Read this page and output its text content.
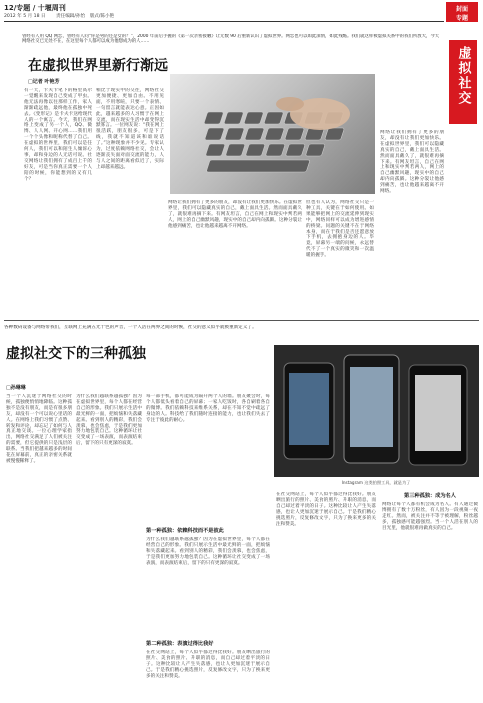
12/专题 / 十堰周刊
2012 年 5 月 18 日 责任编辑/孙怡　版式/陈小艳
封面
专题
虚拟社交
曾经有人用 QQ 网恋，曾经有人问“你是男的还是女的？”，2000 年前后手握的《第一次亲密接触》让无数 90 后重新认识了虚拟世界。网恋也可以如此深情，如此残酷。我们就这样被虚拟关系中的我们所放大，今天网络社交已无处不在，在这里每个人都可以成为他想成为的人……
在虚拟世界里新行渐远
□记者 叶艳芳
有一天，卡夫卡笔下的格里高尔一觉醒来发现自己变成了甲虫。他无法再像以往那样工作，家人渐渐疏远他，最终他在孤独中死去。《变形记》是卡夫卡送给现代人的一个寓言。今天，我们在网络上变成了另一个人，QQ、微博、人人网、开心网……我们用一个个头像和昵称代替了自己。在虚拟的世界里，我们可以是任何人，我们可以和陌生人倾诉心事，却和身边的人无话可说。社交网络让我们拥有了成百上千的好友，可是当你真正需要一个人陪的时候，你能想到的又有几个？
相比于现实中的交往，网络社交更加便捷、更加自由。不用见面，不用寒暄，只要一个表情、一句留言就能表达心意。正因如此，越来越多的人习惯于在网上交流，而在现实生活中却变得沉默寡言。一位网友说：“我在网上很活跃，朋友很多，可是下了线，我就不知道该和谁说话了。”这种现象并不少见。专家认为，过度依赖网络社交，会让人逐渐丧失面对面交流的能力，人与人之间的距离看似近了，实际上却越来越远。
网络让我们拥有了更多的朋友，却没有让我们更加快乐。在虚拟世界里，我们可以隐藏真实的自己，戴上面具生活。然而面具戴久了，就很难再摘下来。有网友坦言，自己在网上和现实中判若两人，网上的自己幽默风趣，现实中的自己却内向孤僻。这种分裂让他感到痛苦，也让他越来越离不开网络。
但也有人认为，网络社交只是一种工具，关键在于如何使用。如果能够把网上的交流延伸到现实中，网络同样可以成为增进感情的桥梁。问题的关键不在于网络本身，而在于我们是否还愿意放下手机，去拥抱身边的人。毕竟，屏幕另一端的问候，永远替代不了一个真实的微笑和一次温暖的握手。
网络让我们拥有了更多的朋友，却没有让我们更加快乐。在虚拟世界里，我们可以隐藏真实的自己，戴上面具生活。然而面具戴久了，就很难再摘下来。有网友坦言，自己在网上和现实中判若两人，网上的自己幽默风趣，现实中的自己却内向孤僻。这种分裂让他感到痛苦，也让他越来越离不开网络。
各种数码设备与网络带我们，互联网上充满五光十色的声音，一个人活在两界之间的时候，社交的意义似乎就被重新定义了。
虚拟社交下的三种孤独
□孙琳琳
当一个人沉迷于网络社交的时候，孤独便悄悄地降临。这种孤独不是没有朋友，而是有很多朋友，却没有一个可以说心里话的人。在网络上我们习惯了点赞、转发和评论，却忘记了如何与人真正地交谈。一位心理学家指出，网络社交满足了人们被关注的需要，但它提供的只是浅层的联系。当我们把越来越多的时间花在屏幕前，真正的亲密关系就被慢慢稀释了。
为什么我们越联系越孤独？因为在虚拟世界里，每个人都在经营自己的形象。我们只展示生活中最光鲜的一面，把烦恼和失落藏起来。看到别人的精彩，我们会羡慕，也会焦虑，于是我们更加努力地包装自己。这种循环让社交变成了一场表演，而表演结束后，留下的只有更深的寂寞。
每一部手机，都可能成为隔开两个人的墙。朋友聚会时，每个人都低头看着自己的屏幕；一家人吃饭时，各自刷着各自的微博。我们依赖科技来维系关系，却在不知不觉中疏远了身边的人。科技给了我们随时连接的能力，也让我们失去了专注于彼此的耐心。
第一种孤独：依赖科技而不是彼此
为什么我们越联系越孤独？因为在虚拟世界里，每个人都在经营自己的形象。我们只展示生活中最光鲜的一面，把烦恼和失落藏起来。看到别人的精彩，我们会羡慕，也会焦虑，于是我们更加努力地包装自己。这种循环让社交变成了一场表演，而表演结束后，留下的只有更深的寂寞。
第二种孤独：表演过得比我好
在社交网站上，每个人似乎都过得比我好。朋友晒出旅行的照片、美食的照片、升职的消息，而自己却过着平淡的日子。这种比较让人产生失落感，也让人更加沉迷于展示自己。于是我们精心挑选照片，反复修改文字，只为了换来更多的关注和赞美。
Instagram 这类拍照工具，就是为了
在社交网站上，每个人似乎都过得比我好。朋友晒出旅行的照片、美食的照片、升职的消息，而自己却过着平淡的日子。这种比较让人产生失落感，也让人更加沉迷于展示自己。于是我们精心挑选照片，反复修改文字，只为了换来更多的关注和赞美。
第三种孤独：成为名人
网络让每个人都有机会成为名人。有人通过微博拥有了数十万粉丝，有人因为一段视频一夜走红。然而，被关注并不等于被理解，粉丝越多，孤独感可能越强烈。当一个人活在别人的目光里，他就很难再做真实的自己。
